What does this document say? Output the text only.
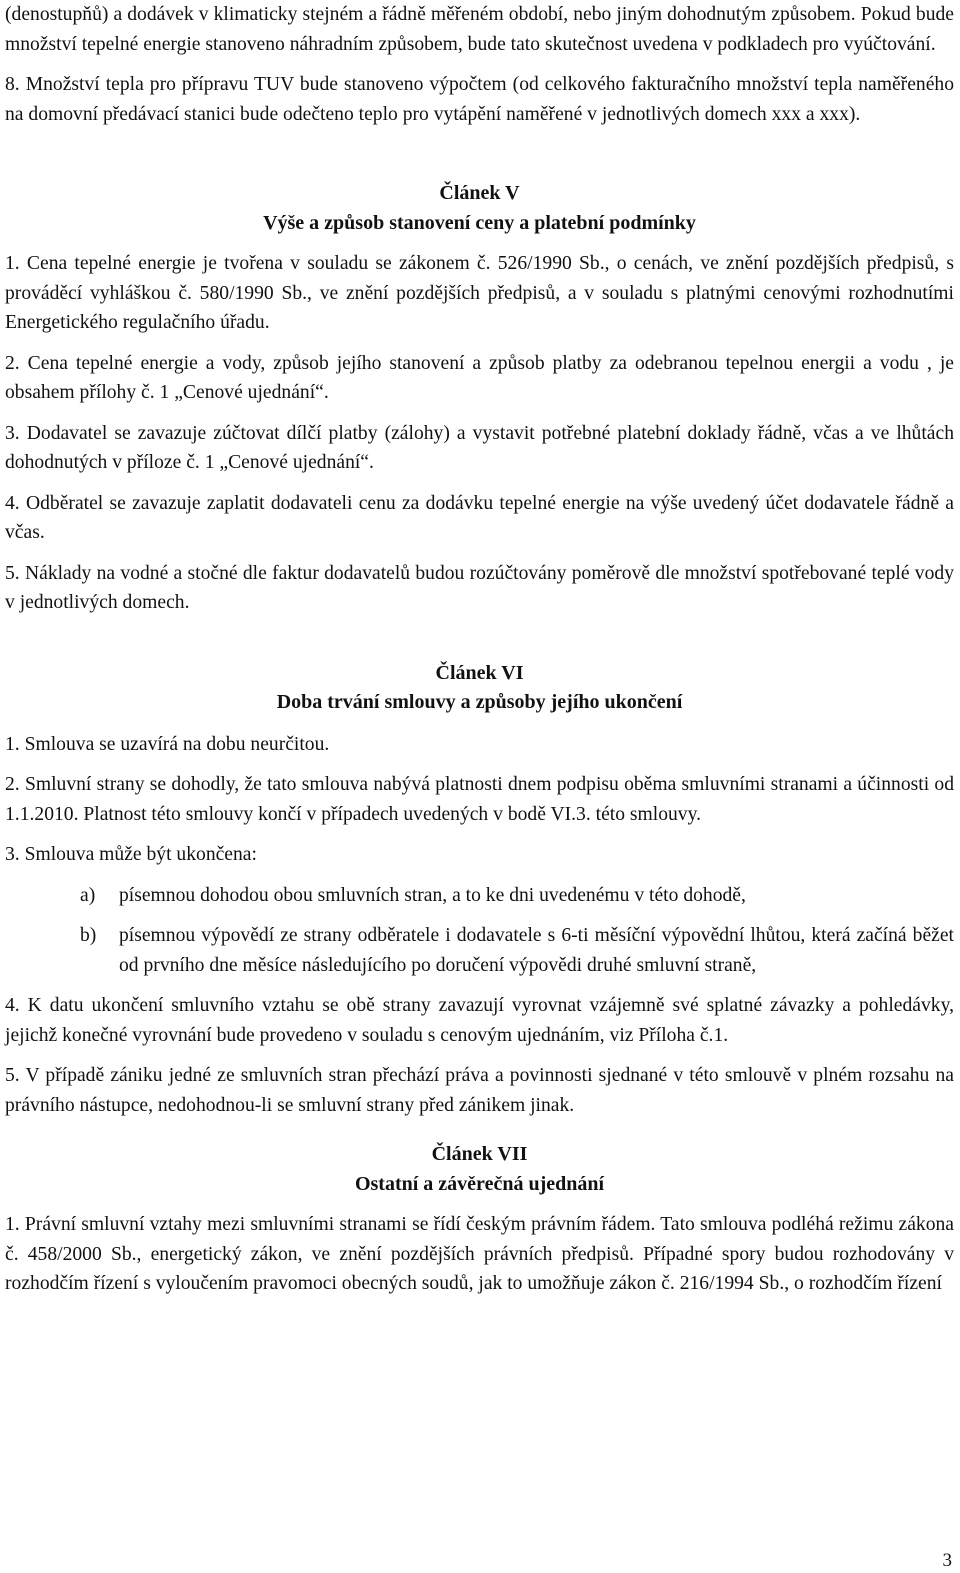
(denostupňů) a dodávek v klimaticky stejném a řádně měřeném období, nebo jiným dohodnutým způsobem. Pokud bude množství tepelné energie stanoveno náhradním způsobem, bude tato skutečnost uvedena v podkladech pro vyúčtování.

8. Množství tepla pro přípravu TUV bude stanoveno výpočtem (od celkového fakturačního množství tepla naměřeného na domovní předávací stanici bude odečteno teplo pro vytápění naměřené v jednotlivých domech xxx a xxx).

Článek V
Výše a způsob stanovení ceny a platební podmínky

1. Cena tepelné energie je tvořena v souladu se zákonem č. 526/1990 Sb., o cenách, ve znění pozdějších předpisů, s prováděcí vyhláškou č. 580/1990 Sb., ve znění pozdějších předpisů, a v souladu s platnými cenovými rozhodnutími Energetického regulačního úřadu.

2. Cena tepelné energie a vody, způsob jejího stanovení a způsob platby za odebranou tepelnou energii a vodu , je obsahem přílohy č. 1 „Cenové ujednání“.

3. Dodavatel se zavazuje zúčtovat dílčí platby (zálohy) a vystavit potřebné platební doklady řádně, včas a ve lhůtách dohodnutých v příloze č. 1 „Cenové ujednání“.

4. Odběratel se zavazuje zaplatit dodavateli cenu za dodávku tepelné energie na výše uvedený účet dodavatele řádně a včas.

5. Náklady na vodné a stočné dle faktur dodavatelů budou rozúčtovány poměrově dle množství spotřebované teplé vody v jednotlivých domech.

Článek VI
Doba trvání smlouvy a způsoby jejího ukončení

1. Smlouva se uzavírá na dobu neurčitou.

2. Smluvní strany se dohodly, že tato smlouva nabývá platnosti dnem podpisu oběma smluvními stranami a účinnosti od 1.1.2010. Platnost této smlouvy končí v případech uvedených v bodě VI.3. této smlouvy.

3. Smlouva může být ukončena:

a)	písemnou dohodou obou smluvních stran, a to ke dni uvedenému v této dohodě,
b)	písemnou výpovědí ze strany odběratele i dodavatele s 6-ti měsíční výpovědní lhůtou, která začíná běžet od prvního dne měsíce následujícího po doručení výpovědi druhé smluvní straně,

4. K datu ukončení smluvního vztahu se obě strany zavazují vyrovnat vzájemně své splatné závazky a pohledávky, jejichž konečné vyrovnání bude provedeno v souladu s cenovým ujednáním, viz Příloha č.1.

5. V případě zániku jedné ze smluvních stran přechází práva a povinnosti sjednané v této smlouvě v plném rozsahu na právního nástupce, nedohodnou-li se smluvní strany před zánikem jinak.

Článek VII
Ostatní a závěrečná ujednání

1. Právní smluvní vztahy mezi smluvními stranami se řídí českým právním řádem. Tato smlouva podléhá režimu zákona č. 458/2000 Sb., energetický zákon, ve znění pozdějších právních předpisů. Případné spory budou rozhodovány v rozhodčím řízení s vyloučením pravomoci obecných soudů, jak to umožňuje zákon č. 216/1994 Sb., o rozhodčím řízení

3
